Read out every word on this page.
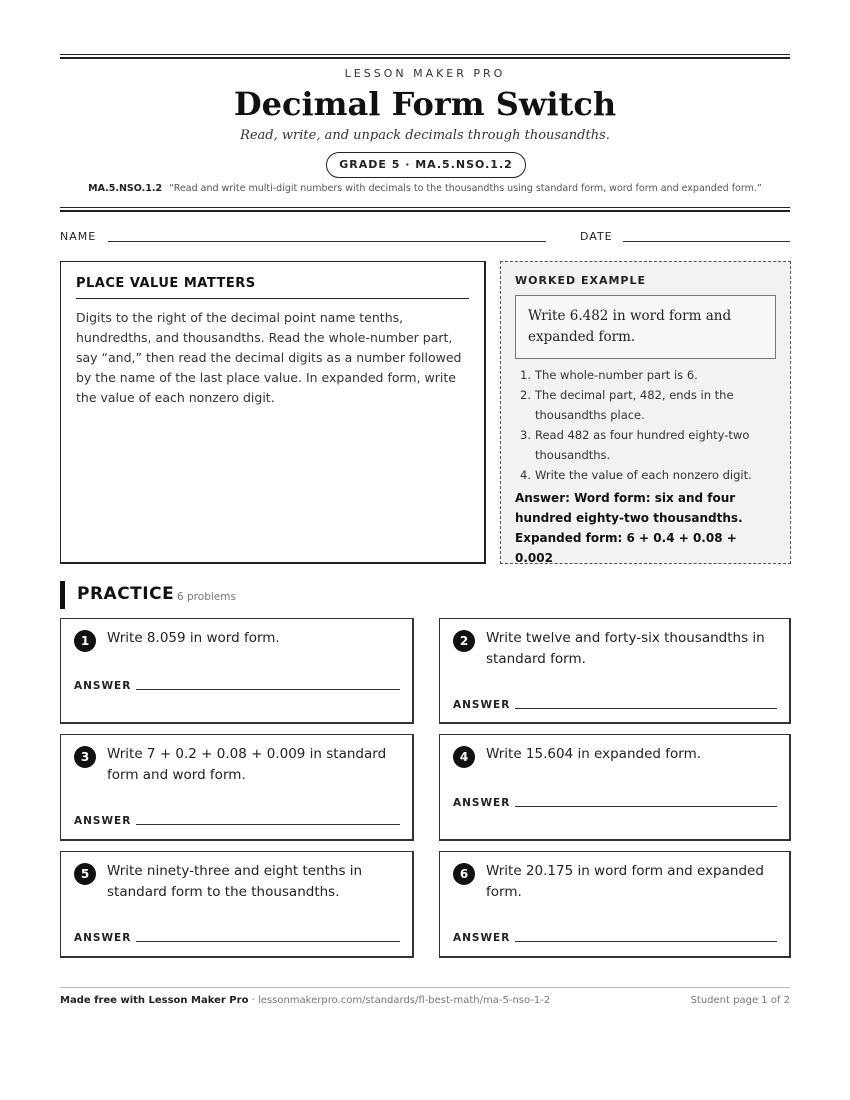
LESSON MAKER PRO
Decimal Form Switch
Read, write, and unpack decimals through thousandths.
GRADE 5 · MA.5.NSO.1.2
MA.5.NSO.1.2 “Read and write multi-digit numbers with decimals to the thousandths using standard form, word form and expanded form.”
NAME	DATE
PLACE VALUE MATTERS

Digits to the right of the decimal point name tenths, hundredths, and thousandths. Read the whole-number part, say “and,” then read the decimal digits as a number followed by the name of the last place value. In expanded form, write the value of each nonzero digit.

WORKED EXAMPLE
Write 6.482 in word form and expanded form.
1. The whole-number part is 6.
2. The decimal part, 482, ends in the thousandths place.
3. Read 482 as four hundred eighty-two thousandths.
4. Write the value of each nonzero digit.
Answer: Word form: six and four hundred eighty-two thousandths. Expanded form: 6 + 0.4 + 0.08 + 0.002
PRACTICE 6 problems
1	Write 8.059 in word form.
ANSWER
2	Write twelve and forty-six thousandths in standard form.
ANSWER
3	Write 7 + 0.2 + 0.08 + 0.009 in standard form and word form.
ANSWER
4	Write 15.604 in expanded form.
ANSWER
5	Write ninety-three and eight tenths in standard form to the thousandths.
ANSWER
6	Write 20.175 in word form and expanded form.
ANSWER
Made free with Lesson Maker Pro · lessonmakerpro.com/standards/fl-best-math/ma-5-nso-1-2	Student page 1 of 2
